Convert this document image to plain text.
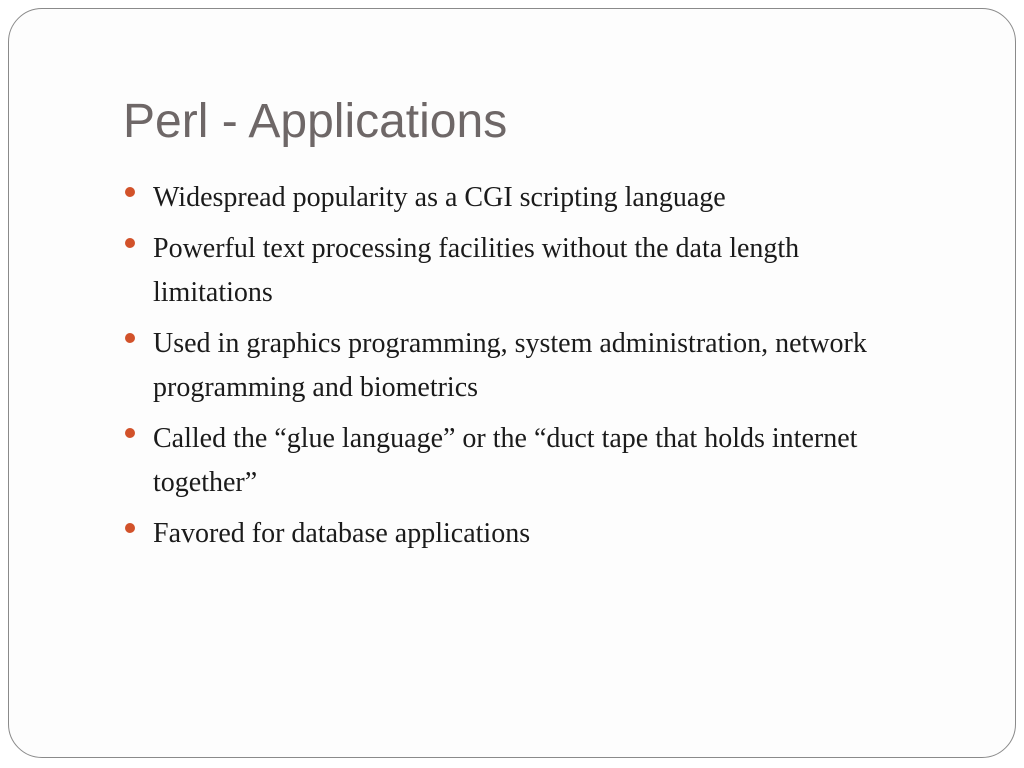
Perl - Applications
Widespread popularity as a CGI scripting language
Powerful text processing facilities without the data length limitations
Used in graphics programming, system administration, network programming and biometrics
Called the “glue language” or the “duct tape that holds internet together”
Favored for database applications
